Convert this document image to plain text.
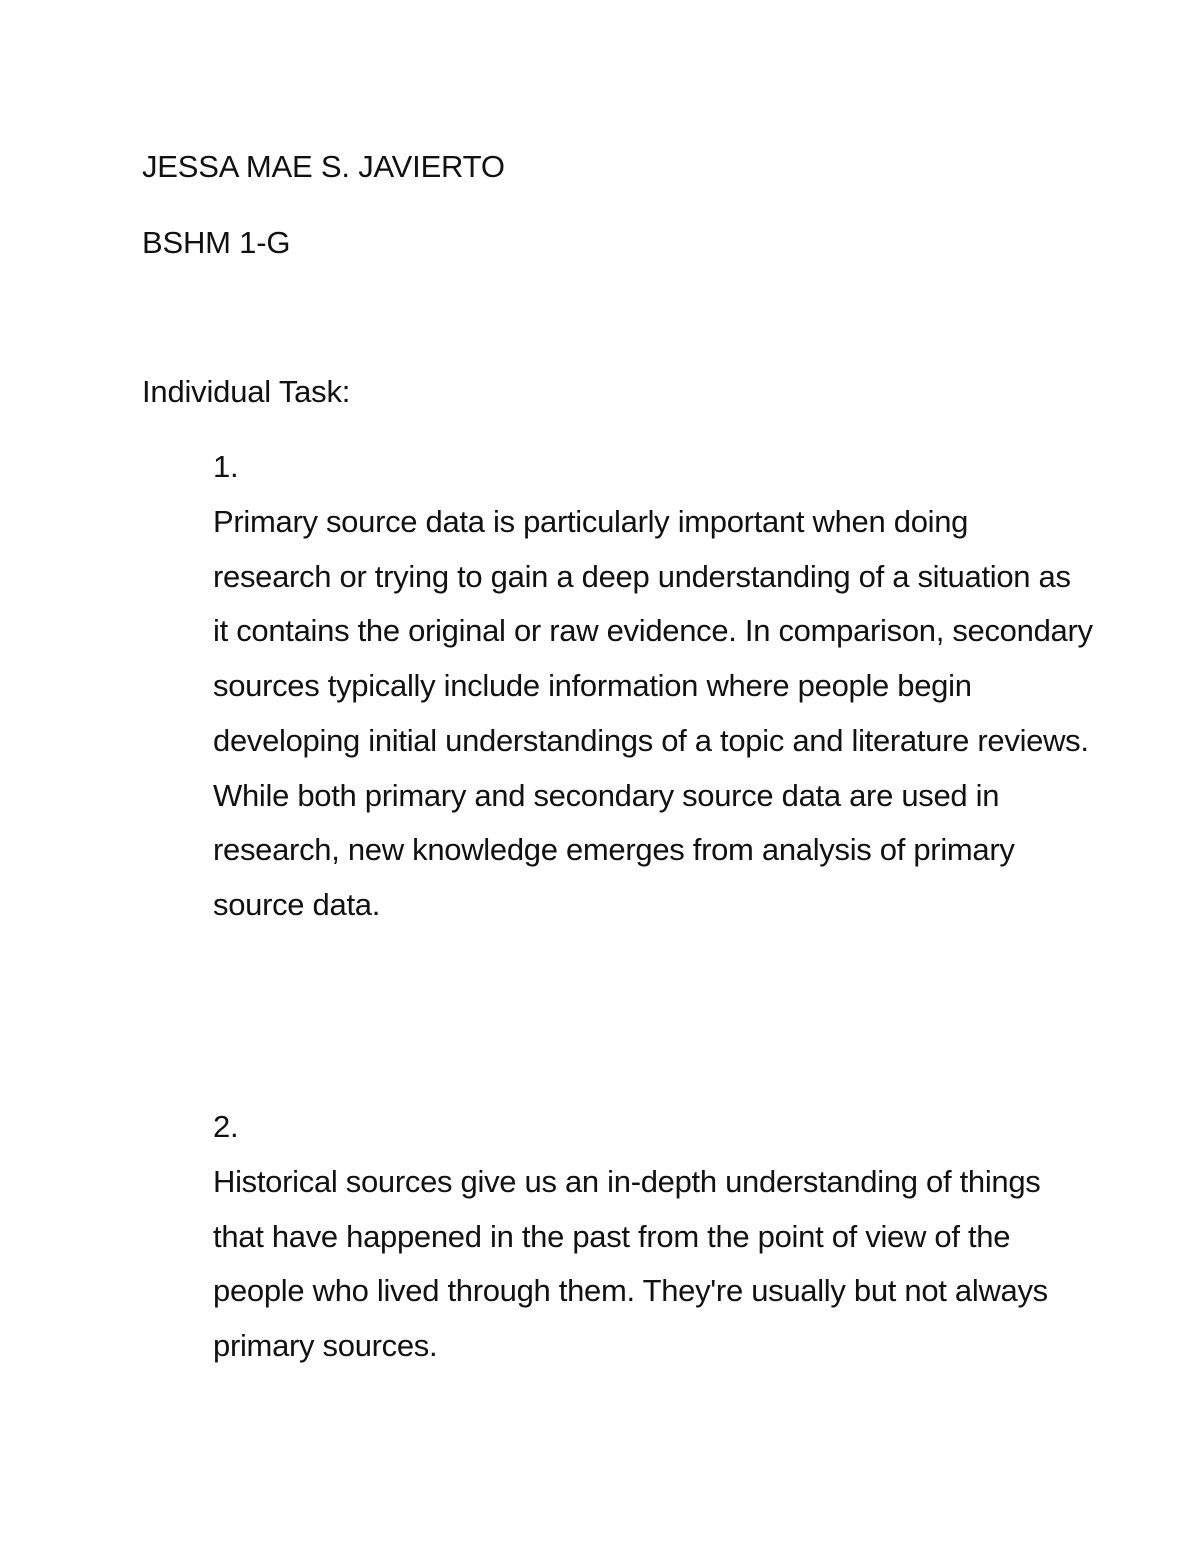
JESSA MAE S. JAVIERTO
BSHM 1-G
Individual Task:
1.
Primary source data is particularly important when doing research or trying to gain a deep understanding of a situation as it contains the original or raw evidence. In comparison, secondary sources typically include information where people begin developing initial understandings of a topic and literature reviews. While both primary and secondary source data are used in research, new knowledge emerges from analysis of primary source data.
2.
Historical sources give us an in-depth understanding of things that have happened in the past from the point of view of the people who lived through them. They're usually but not always primary sources.
